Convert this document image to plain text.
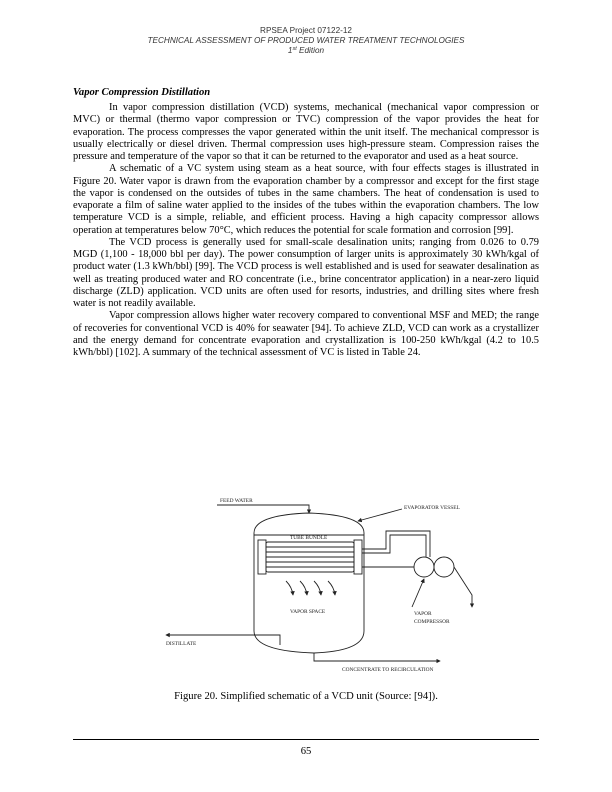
RPSEA Project 07122-12
TECHNICAL ASSESSMENT OF PRODUCED WATER TREATMENT TECHNOLOGIES
1st Edition
Vapor Compression Distillation

In vapor compression distillation (VCD) systems, mechanical (mechanical vapor compression or MVC) or thermal (thermo vapor compression or TVC) compression of the vapor provides the heat for evaporation. The process compresses the vapor generated within the unit itself. The mechanical compressor is usually electrically or diesel driven. Thermal compression uses high-pressure steam. Compression raises the pressure and temperature of the vapor so that it can be returned to the evaporator and used as a heat source.

A schematic of a VC system using steam as a heat source, with four effects stages is illustrated in Figure 20. Water vapor is drawn from the evaporation chamber by a compressor and except for the first stage the vapor is condensed on the outsides of tubes in the same chambers. The heat of condensation is used to evaporate a film of saline water applied to the insides of the tubes within the evaporation chambers. The low temperature VCD is a simple, reliable, and efficient process. Having a high capacity compressor allows operation at temperatures below 70°C, which reduces the potential for scale formation and corrosion [99].

The VCD process is generally used for small-scale desalination units; ranging from 0.026 to 0.79 MGD (1,100 - 18,000 bbl per day). The power consumption of larger units is approximately 30 kWh/kgal of product water (1.3 kWh/bbl) [99]. The VCD process is well established and is used for seawater desalination as well as treating produced water and RO concentrate (i.e., brine concentrator application) in a near-zero liquid discharge (ZLD) application. VCD units are often used for resorts, industries, and drilling sites where fresh water is not readily available.

Vapor compression allows higher water recovery compared to conventional MSF and MED; the range of recoveries for conventional VCD is 40% for seawater [94]. To achieve ZLD, VCD can work as a crystallizer and the energy demand for concentrate evaporation and crystallization is 100-250 kWh/kgal (4.2 to 10.5 kWh/bbl) [102]. A summary of the technical assessment of VC is listed in Table 24.

FEED WATER
EVAPORATOR VESSEL
TUBE BUNDLE
VAPOR SPACE	VAPOR
COMPRESSOR
DISTILLATE
CONCENTRATE TO RECIRCULATION
Figure 20. Simplified schematic of a VCD unit (Source: [94]).
65
